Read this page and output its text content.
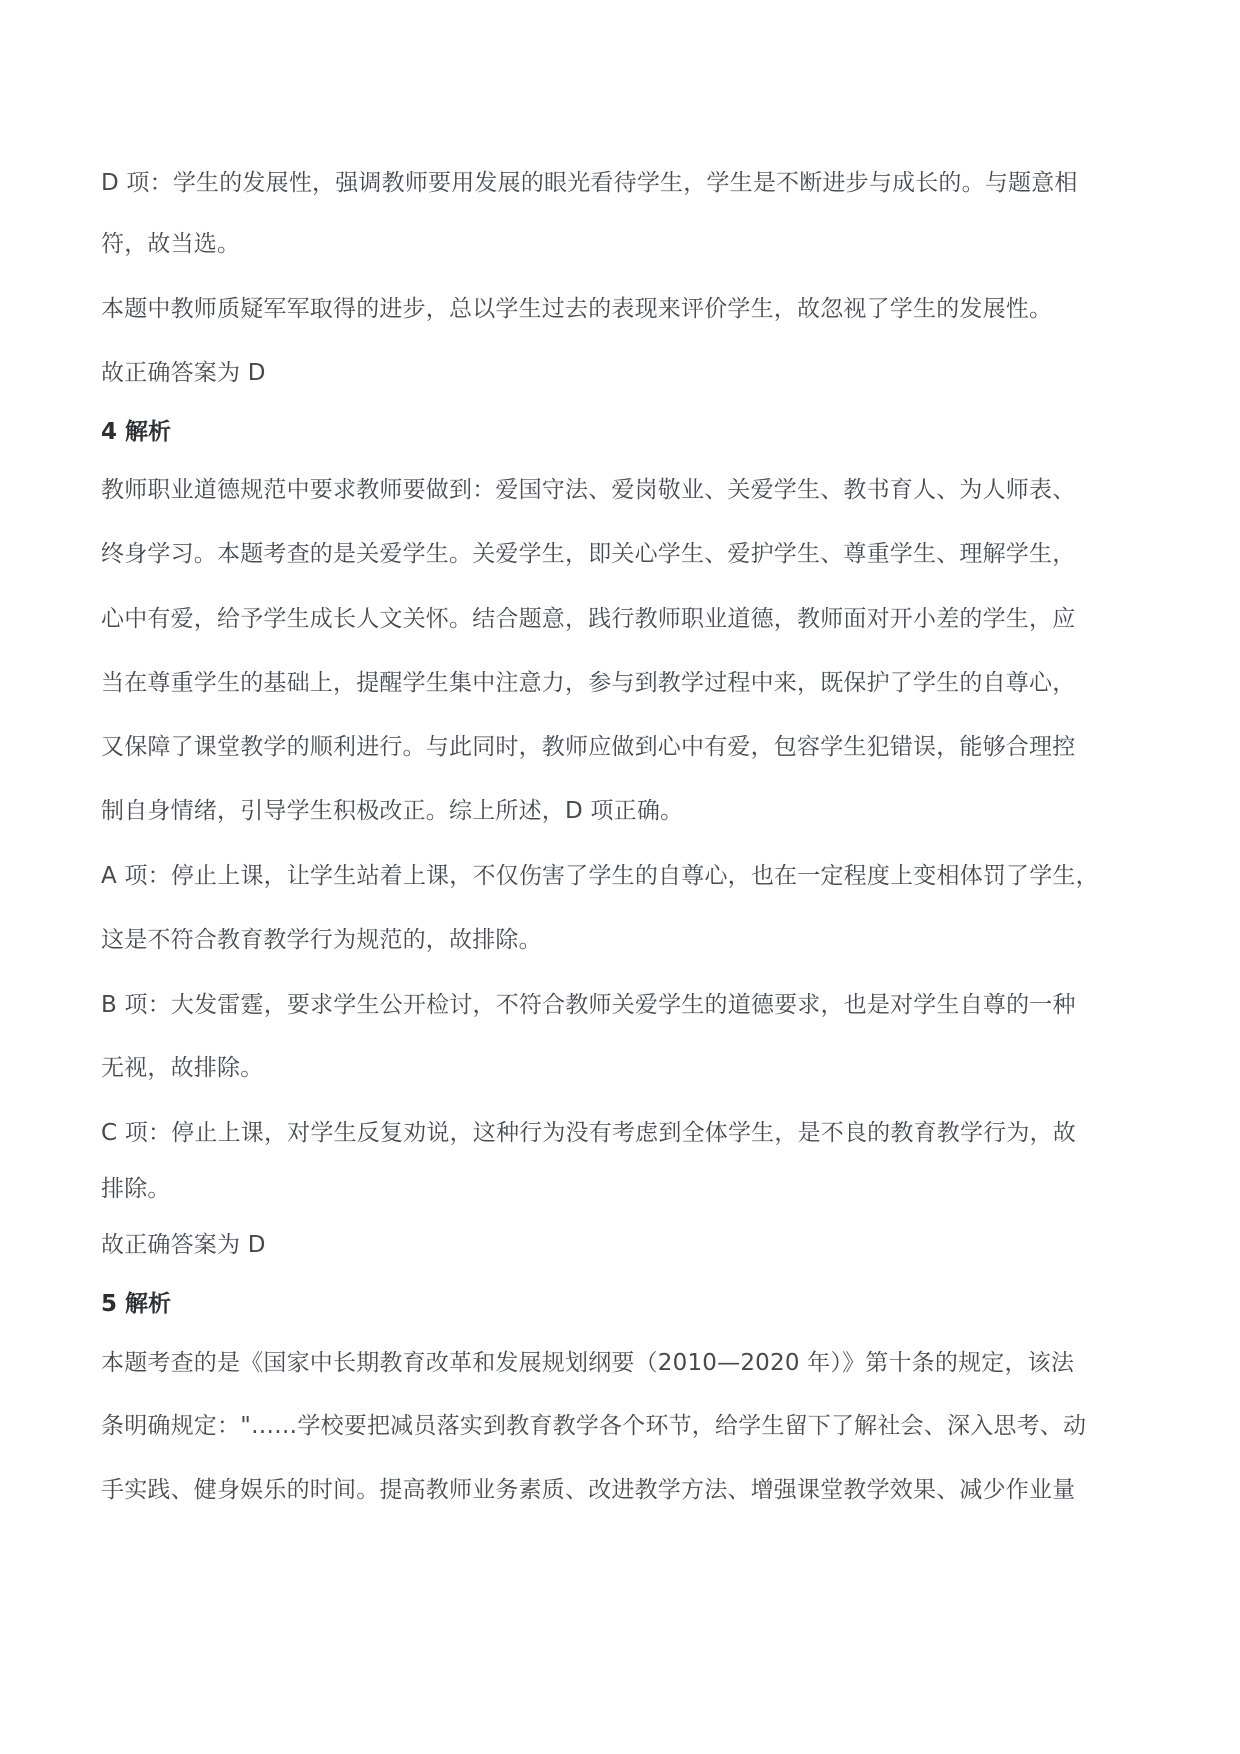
D 项：学生的发展性，强调教师要用发展的眼光看待学生，学生是不断进步与成长的。与题意相
符，故当选。
本题中教师质疑军军取得的进步，总以学生过去的表现来评价学生，故忽视了学生的发展性。
故正确答案为 D
4 解析
教师职业道德规范中要求教师要做到：爱国守法、爱岗敬业、关爱学生、教书育人、为人师表、
终身学习。本题考查的是关爱学生。关爱学生，即关心学生、爱护学生、尊重学生、理解学生，
心中有爱，给予学生成长人文关怀。结合题意，践行教师职业道德，教师面对开小差的学生，应
当在尊重学生的基础上，提醒学生集中注意力，参与到教学过程中来，既保护了学生的自尊心，
又保障了课堂教学的顺利进行。与此同时，教师应做到心中有爱，包容学生犯错误，能够合理控
制自身情绪，引导学生积极改正。综上所述，D 项正确。
A 项：停止上课，让学生站着上课，不仅伤害了学生的自尊心，也在一定程度上变相体罚了学生，
这是不符合教育教学行为规范的，故排除。
B 项：大发雷霆，要求学生公开检讨，不符合教师关爱学生的道德要求，也是对学生自尊的一种
无视，故排除。
C 项：停止上课，对学生反复劝说，这种行为没有考虑到全体学生，是不良的教育教学行为，故
排除。
故正确答案为 D
5 解析
本题考查的是《国家中长期教育改革和发展规划纲要（2010—2020 年）》第十条的规定，该法
条明确规定："……学校要把减员落实到教育教学各个环节，给学生留下了解社会、深入思考、动
手实践、健身娱乐的时间。提高教师业务素质、改进教学方法、增强课堂教学效果、减少作业量
